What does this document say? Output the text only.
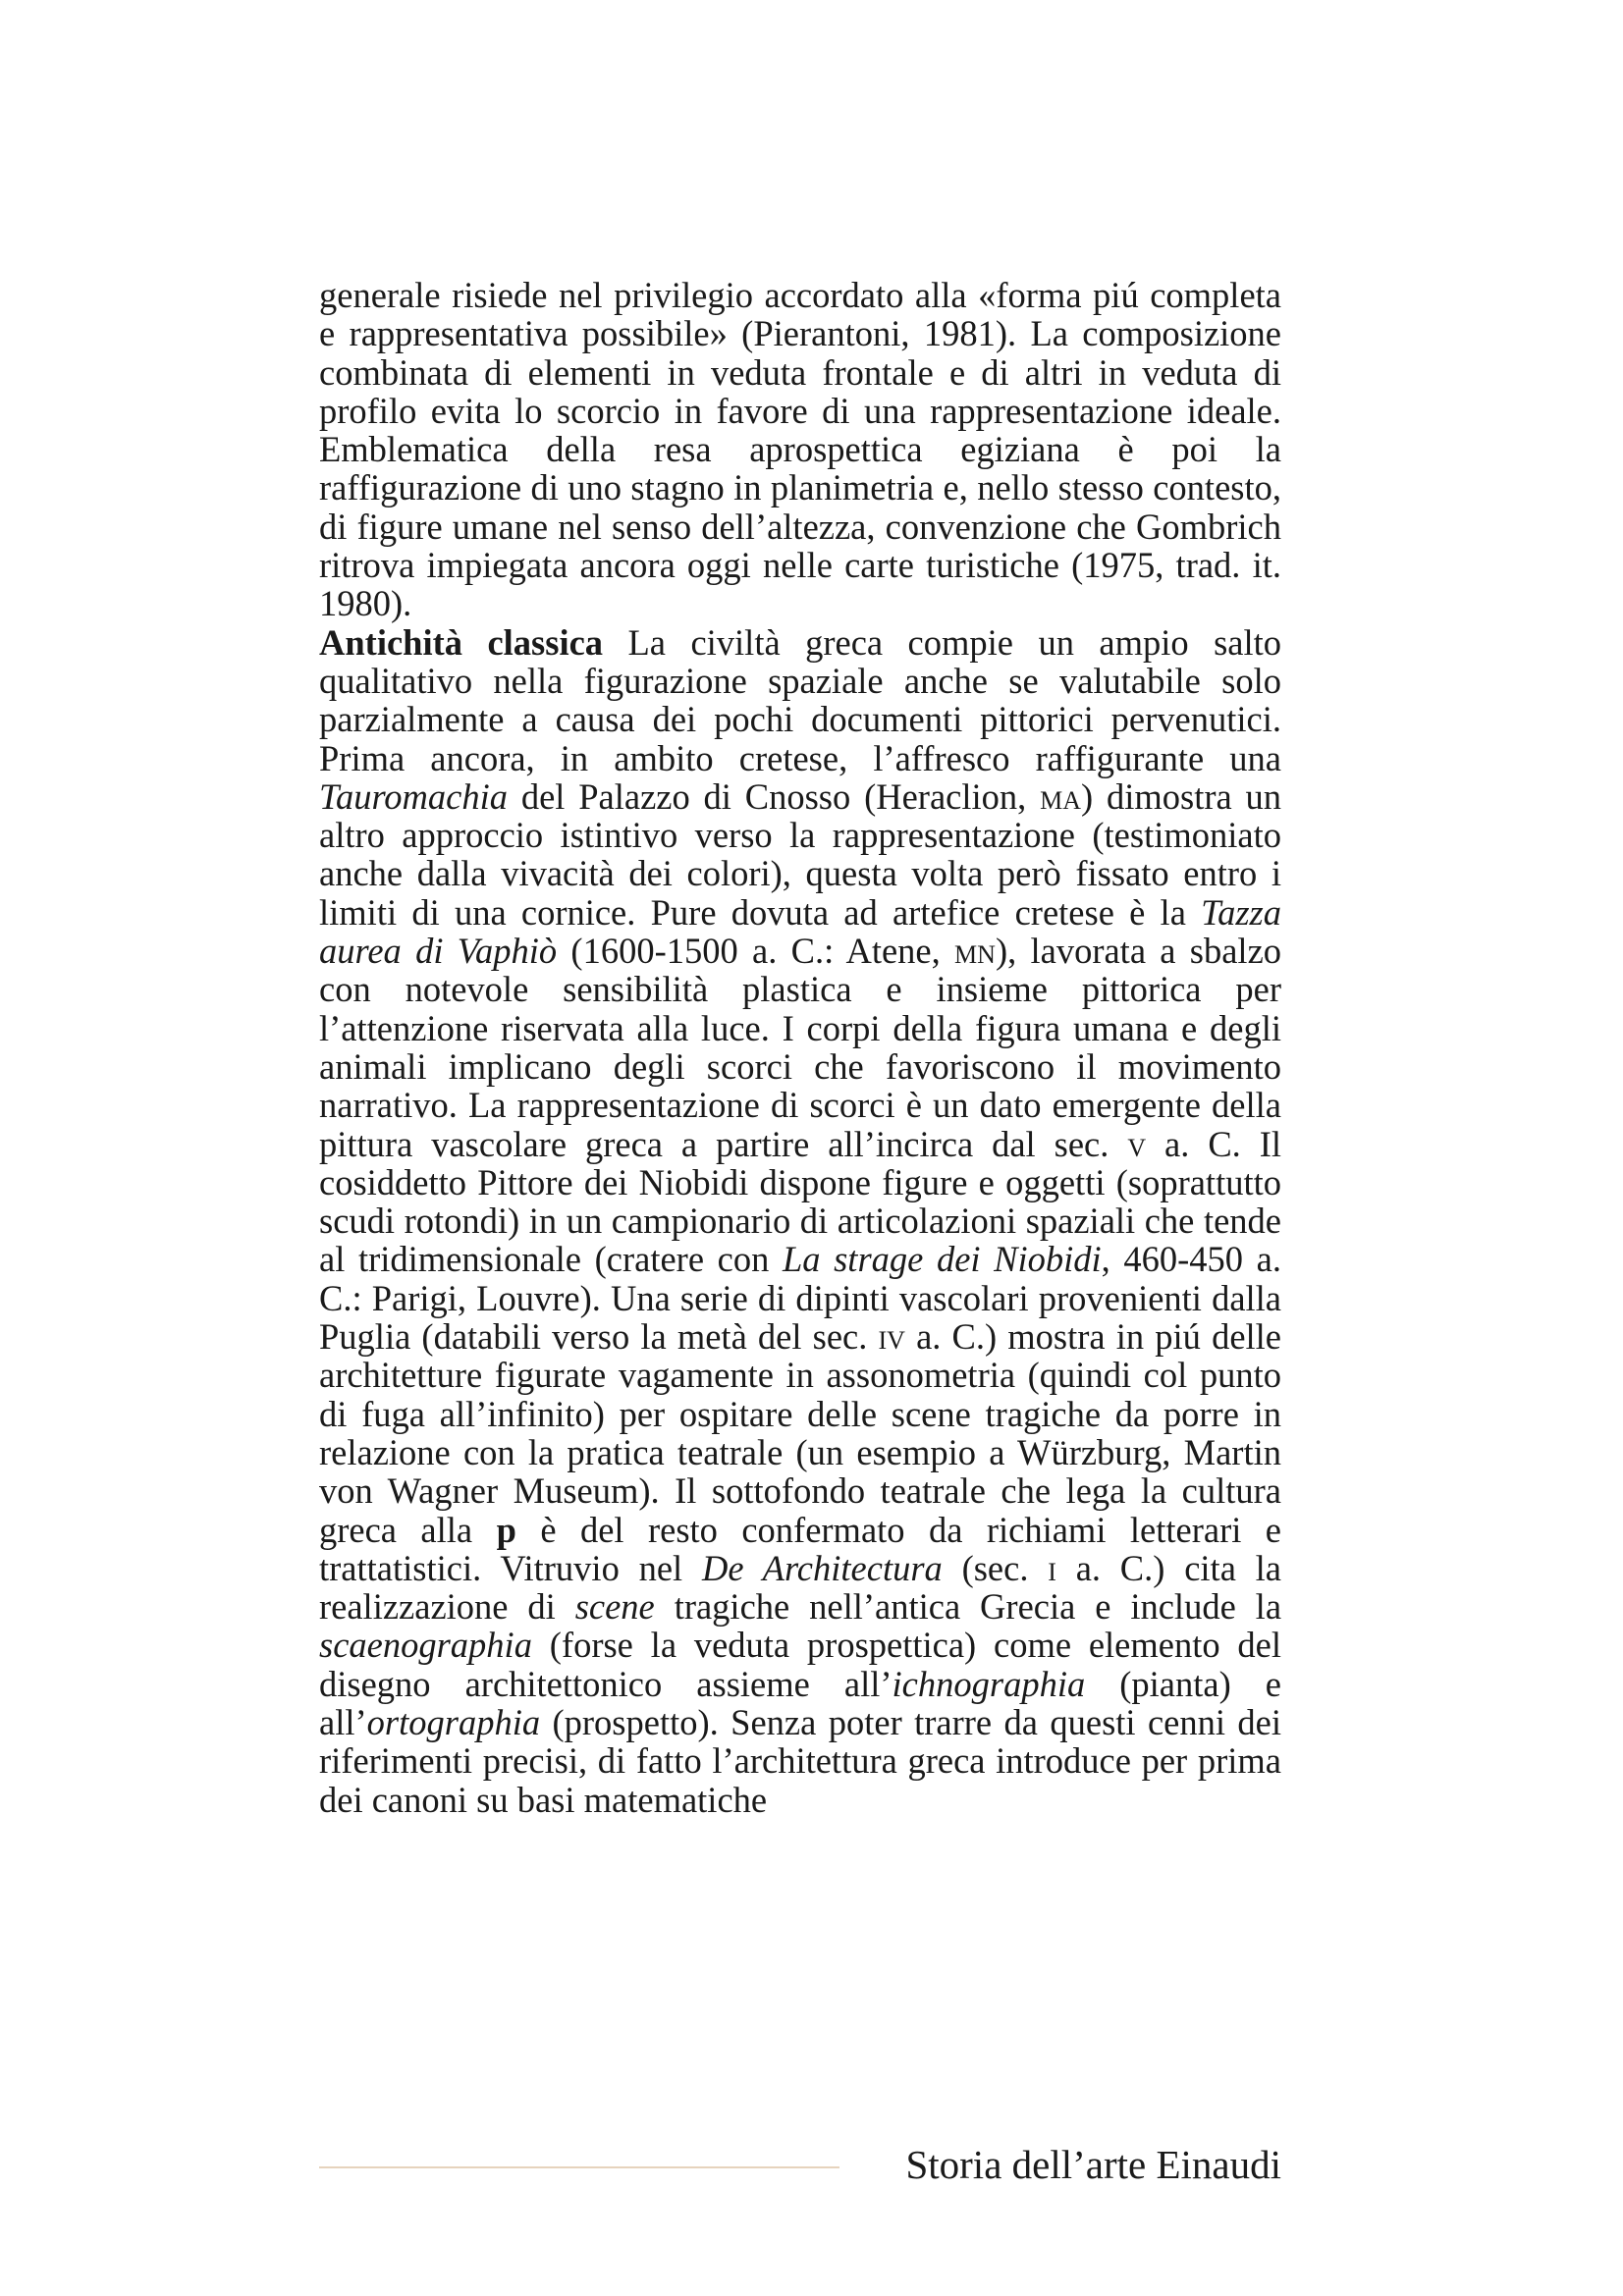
generale risiede nel privilegio accordato alla «forma piú completa e rappresentativa possibile» (Pierantoni, 1981). La composizione combinata di elementi in veduta frontale e di altri in veduta di profilo evita lo scorcio in favore di una rappresentazione ideale. Emblematica della resa aprospettica egiziana è poi la raffigurazione di uno stagno in planimetria e, nello stesso contesto, di figure umane nel senso dell’altezza, convenzione che Gombrich ritrova impiegata ancora oggi nelle carte turistiche (1975, trad. it. 1980).

Antichità classica La civiltà greca compie un ampio salto qualitativo nella figurazione spaziale anche se valutabile solo parzialmente a causa dei pochi documenti pittorici pervenutici. Prima ancora, in ambito cretese, l’affresco raffigurante una Tauromachia del Palazzo di Cnosso (Heraclion, ma) dimostra un altro approccio istintivo verso la rappresentazione (testimoniato anche dalla vivacità dei colori), questa volta però fissato entro i limiti di una cornice. Pure dovuta ad artefice cretese è la Tazza aurea di Vaphiò (1600-1500 a. C.: Atene, mn), lavorata a sbalzo con notevole sensibilità plastica e insieme pittorica per l’attenzione riservata alla luce. I corpi della figura umana e degli animali implicano degli scorci che favoriscono il movimento narrativo. La rappresentazione di scorci è un dato emergente della pittura vascolare greca a partire all’incirca dal sec. v a. C. Il cosiddetto Pittore dei Niobidi dispone figure e oggetti (soprattutto scudi rotondi) in un campionario di articolazioni spaziali che tende al tridimensionale (cratere con La strage dei Niobidi, 460-450 a. C.: Parigi, Louvre). Una serie di dipinti vascolari provenienti dalla Puglia (databili verso la metà del sec. iv a. C.) mostra in piú delle architetture figurate vagamente in assonometria (quindi col punto di fuga all’infinito) per ospitare delle scene tragiche da porre in relazione con la pratica teatrale (un esempio a Würzburg, Martin von Wagner Museum). Il sottofondo teatrale che lega la cultura greca alla p è del resto confermato da richiami letterari e trattatistici. Vitruvio nel De Architectura (sec. i a. C.) cita la realizzazione di scene tragiche nell’antica Grecia e include la scaenographia (forse la veduta prospettica) come elemento del disegno architettonico assieme all’ichnographia (pianta) e all’ortographia (prospetto). Senza poter trarre da questi cenni dei riferimenti precisi, di fatto l’architettura greca introduce per prima dei canoni su basi matematiche

Storia dell’arte Einaudi
